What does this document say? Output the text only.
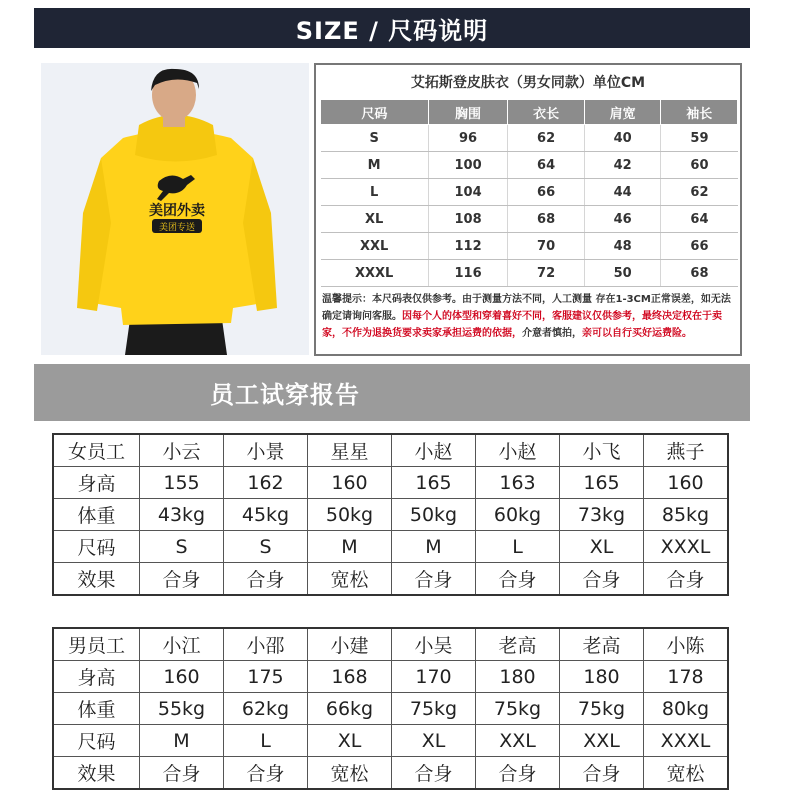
SIZE / 尺码说明
美团外卖
美团专送
艾拓斯登皮肤衣（男女同款）单位CM
尺码	胸围	衣长	肩宽	袖长
S	96	62	40	59
M	100	64	42	60
L	104	66	44	62
XL	108	68	46	64
XXL	112	70	48	66
XXXL	116	72	50	68
温馨提示：本尺码表仅供参考。由于测量方法不同，人工测量 存在1-3CM正常误差，如无法确定请询问客服。因每个人的体型和穿着喜好不同，客服建议仅供参考，最终决定权在于卖家，不作为退换货要求卖家承担运费的依据，介意者慎拍，亲可以自行买好运费险。
员工试穿报告
女员工	小云	小景	星星	小赵	小赵	小飞	燕子
身高	155	162	160	165	163	165	160
体重	43kg	45kg	50kg	50kg	60kg	73kg	85kg
尺码	S	S	M	M	L	XL	XXXL
效果	合身	合身	宽松	合身	合身	合身	合身
男员工	小江	小邵	小建	小吴	老高	老高	小陈
身高	160	175	168	170	180	180	178
体重	55kg	62kg	66kg	75kg	75kg	75kg	80kg
尺码	M	L	XL	XL	XXL	XXL	XXXL
效果	合身	合身	宽松	合身	合身	合身	宽松
